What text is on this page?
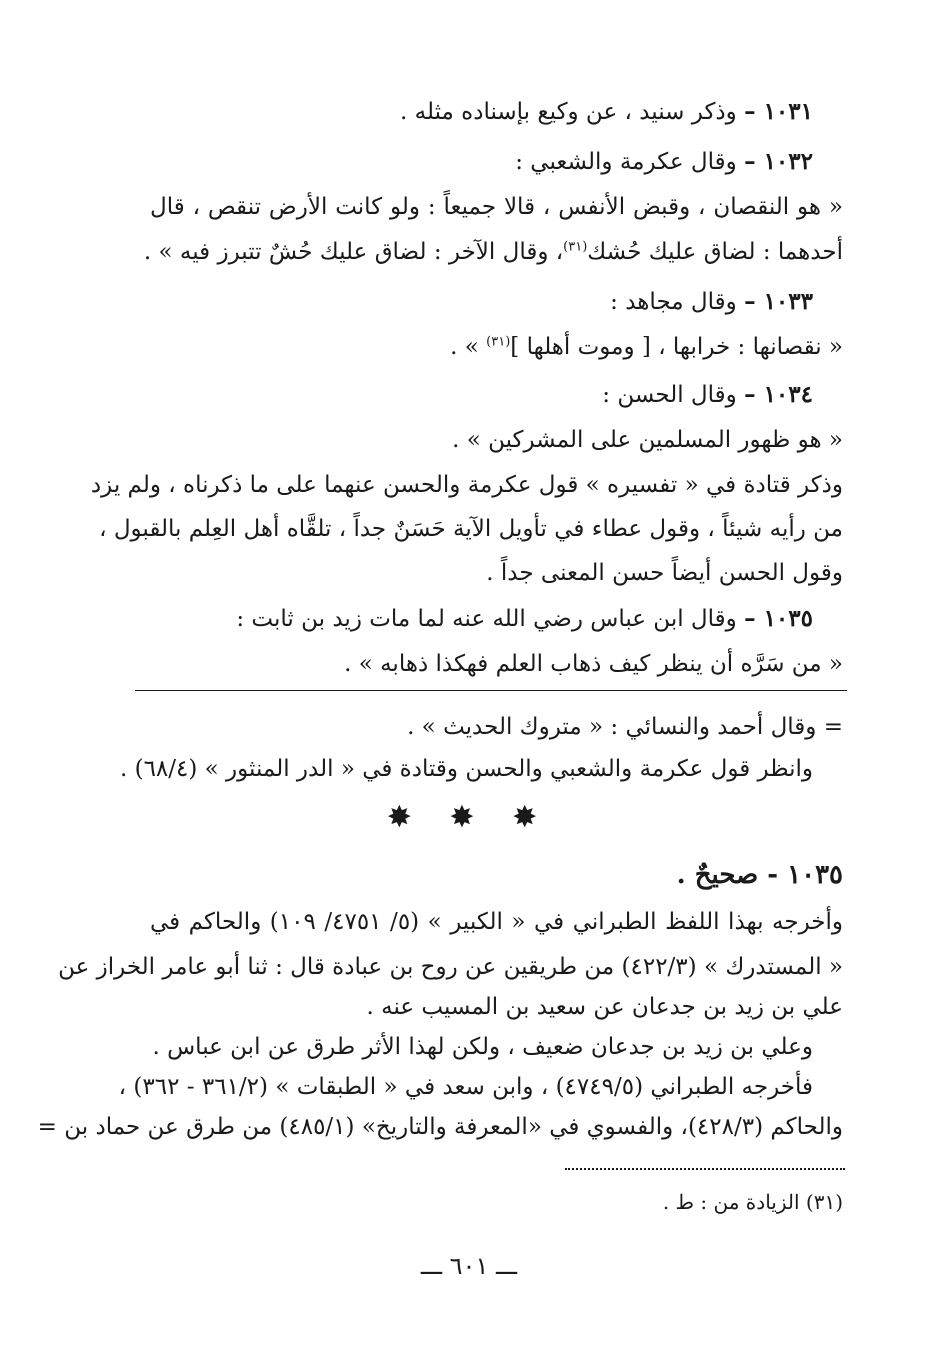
١٠٣١ – وذكر سنيد ، عن وكيع بإسناده مثله .
١٠٣٢ – وقال عكرمة والشعبي :
« هو النقصان ، وقبض الأنفس ، قالا جميعاً : ولو كانت الأرض تنقص ، قال
أحدهما : لضاق عليك حُشك$^{(٣١)}$، وقال الآخر : لضاق عليك حُشٌ تتبرز فيه » .
١٠٣٣ – وقال مجاهد :
« نقصانها : خرابها ، [ وموت أهلها ]$^{(٣١)}$ » .
١٠٣٤ – وقال الحسن :
« هو ظهور المسلمين على المشركين » .
وذكر قتادة في « تفسيره » قول عكرمة والحسن عنهما على ما ذكرناه ، ولم يزد
من رأيه شيئاً ، وقول عطاء في تأويل الآية حَسَنٌ جداً ، تلقَّاه أهل العِلم بالقبول ،
وقول الحسن أيضاً حسن المعنى جداً .
١٠٣٥ – وقال ابن عباس رضي الله عنه لما مات زيد بن ثابت :
« من سَرَّه أن ينظر كيف ذهاب العلم فهكذا ذهابه » .
= وقال أحمد والنسائي : « متروك الحديث » .
وانظر قول عكرمة والشعبي والحسن وقتادة في « الدر المنثور » (٦٨/٤) .
✸ ✸ ✸
١٠٣٥ - صحيحٌ .
وأخرجه بهذا اللفظ الطبراني في « الكبير » (٥/ ٤٧٥١/ ١٠٩) والحاكم في
« المستدرك » (٤٢٢/٣) من طريقين عن روح بن عبادة قال : ثنا أبو عامر الخراز عن
علي بن زيد بن جدعان عن سعيد بن المسيب عنه .
وعلي بن زيد بن جدعان ضعيف ، ولكن لهذا الأثر طرق عن ابن عباس .
فأخرجه الطبراني (٤٧٤٩/٥) ، وابن سعد في « الطبقات » (٣٦١/٢ - ٣٦٢) ،
والحاكم (٤٢٨/٣)، والفسوي في «المعرفة والتاريخ» (٤٨٥/١) من طرق عن حماد بن =
(٣١) الزيادة من : ط .
ـــ ٦٠١ ـــ
